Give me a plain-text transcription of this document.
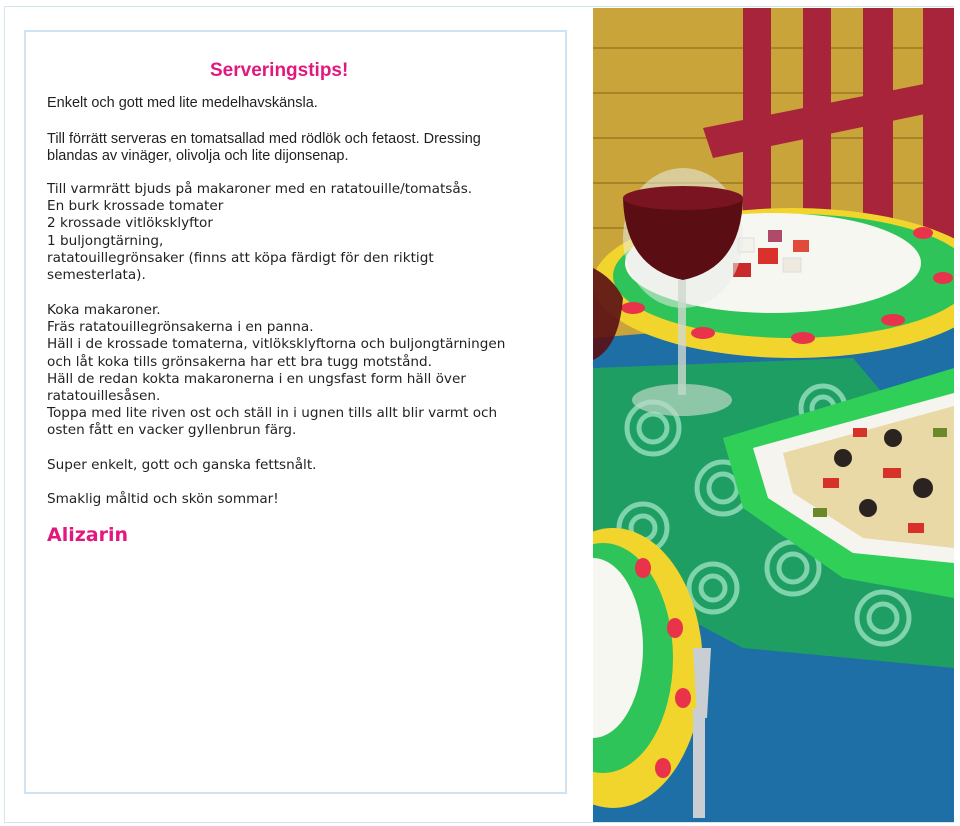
Serveringstips!
Enkelt och gott med lite medelhavskänsla.
Till förrätt serveras en tomatsallad med rödlök och fetaost. Dressing
blandas av vinäger, olivolja och lite dijonsenap.
Till varmrätt bjuds på makaroner med en ratatouille/tomatsås.
En burk krossade tomater
2 krossade vitlöksklyftor
1 buljongtärning,
ratatouillegrönsaker (finns att köpa färdigt för den riktigt
semesterlata).
Koka makaroner.
Fräs ratatouillegrönsakerna i en panna.
Häll i de krossade tomaterna, vitlöksklyftorna och buljongtärningen
och låt koka tills grönsakerna har ett bra tugg motstånd.
Häll de redan kokta makaronerna i en ungsfast form häll över
ratatouillesåsen.
Toppa med lite riven ost och ställ in i ugnen tills allt blir varmt och
osten fått en vacker gyllenbrun färg.
Super enkelt, gott och ganska fettsnålt.
Smaklig måltid och skön sommar!
Alizarin
